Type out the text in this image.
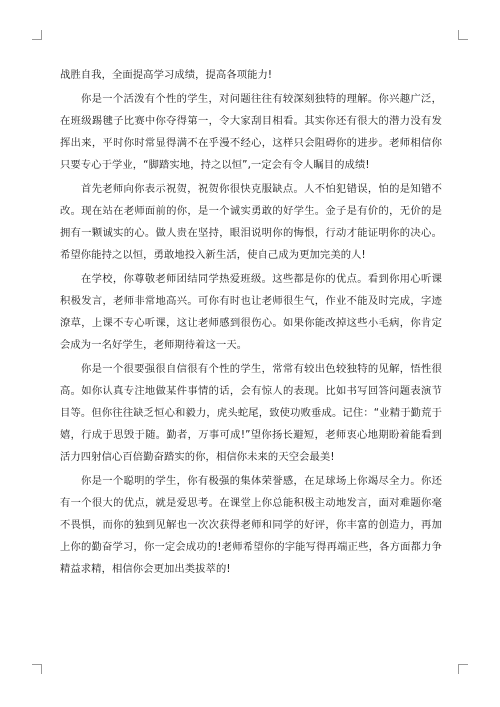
战胜自我，全面提高学习成绩，提高各项能力!

你是一个活泼有个性的学生，对问题往往有较深刻独特的理解。你兴趣广泛，在班级踢毽子比赛中你夺得第一，令大家刮目相看。其实你还有很大的潜力没有发挥出来，平时你时常显得满不在乎漫不经心，这样只会阻碍你的进步。老师相信你只要专心于学业，“脚踏实地，持之以恒”,一定会有令人瞩目的成绩!

首先老师向你表示祝贺，祝贺你很快克服缺点。人不怕犯错误，怕的是知错不改。现在站在老师面前的你，是一个诚实勇敢的好学生。金子是有价的，无价的是拥有一颗诚实的心。做人贵在坚持，眼泪说明你的悔恨，行动才能证明你的决心。希望你能持之以恒，勇敢地投入新生活，使自己成为更加完美的人!

在学校，你尊敬老师团结同学热爱班级。这些都是你的优点。看到你用心听课积极发言，老师非常地高兴。可你有时也让老师很生气，作业不能及时完成，字迹潦草，上课不专心听课，这让老师感到很伤心。如果你能改掉这些小毛病，你肯定会成为一名好学生，老师期待着这一天。

你是一个很要强很自信很有个性的学生，常常有较出色较独特的见解，悟性很高。如你认真专注地做某件事情的话，会有惊人的表现。比如书写回答问题表演节目等。但你往往缺乏恒心和毅力，虎头蛇尾，致使功败垂成。记住：“业精于勤荒于嬉，行成于思毁于随。勤者，万事可成!”望你扬长避短，老师衷心地期盼着能看到活力四射信心百倍勤奋踏实的你，相信你未来的天空会最美!

你是一个聪明的学生，你有极强的集体荣誉感，在足球场上你竭尽全力。你还有一个很大的优点，就是爱思考。在课堂上你总能积极主动地发言，面对难题你毫不畏惧，而你的独到见解也一次次获得老师和同学的好评，你丰富的创造力，再加上你的勤奋学习，你一定会成功的!老师希望你的字能写得再端正些，各方面都力争精益求精，相信你会更加出类拔萃的!
